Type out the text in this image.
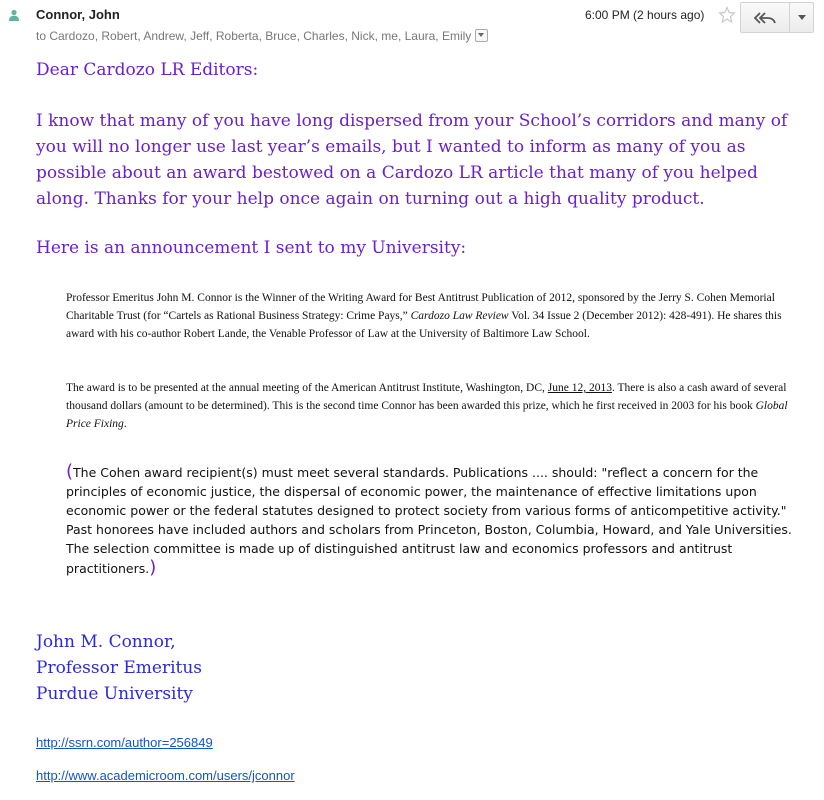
Connor, John
to Cardozo, Robert, Andrew, Jeff, Roberta, Bruce, Charles, Nick, me, Laura, Emily
6:00 PM (2 hours ago)
Dear Cardozo LR Editors:
I know that many of you have long dispersed from your School’s corridors and many of you will no longer use last year’s emails, but I wanted to inform as many of you as possible about an award bestowed on a Cardozo LR article that many of you helped along. Thanks for your help once again on turning out a high quality product.
Here is an announcement I sent to my University:

Professor Emeritus John M. Connor is the Winner of the Writing Award for Best Antitrust Publication of 2012, sponsored by the Jerry S. Cohen Memorial Charitable Trust (for “Cartels as Rational Business Strategy: Crime Pays,” Cardozo Law Review Vol. 34 Issue 2 (December 2012): 428-491). He shares this award with his co-author Robert Lande, the Venable Professor of Law at the University of Baltimore Law School.

The award is to be presented at the annual meeting of the American Antitrust Institute, Washington, DC, June 12, 2013. There is also a cash award of several thousand dollars (amount to be determined). This is the second time Connor has been awarded this prize, which he first received in 2003 for his book Global Price Fixing.

(The Cohen award recipient(s) must meet several standards. Publications .... should: "reflect a concern for the principles of economic justice, the dispersal of economic power, the maintenance of effective limitations upon economic power or the federal statutes designed to protect society from various forms of anticompetitive activity." Past honorees have included authors and scholars from Princeton, Boston, Columbia, Howard, and Yale Universities. The selection committee is made up of distinguished antitrust law and economics professors and antitrust practitioners.)
John M. Connor,
Professor Emeritus
Purdue University
http://ssrn.com/author=256849
http://www.academicroom.com/users/jconnor
